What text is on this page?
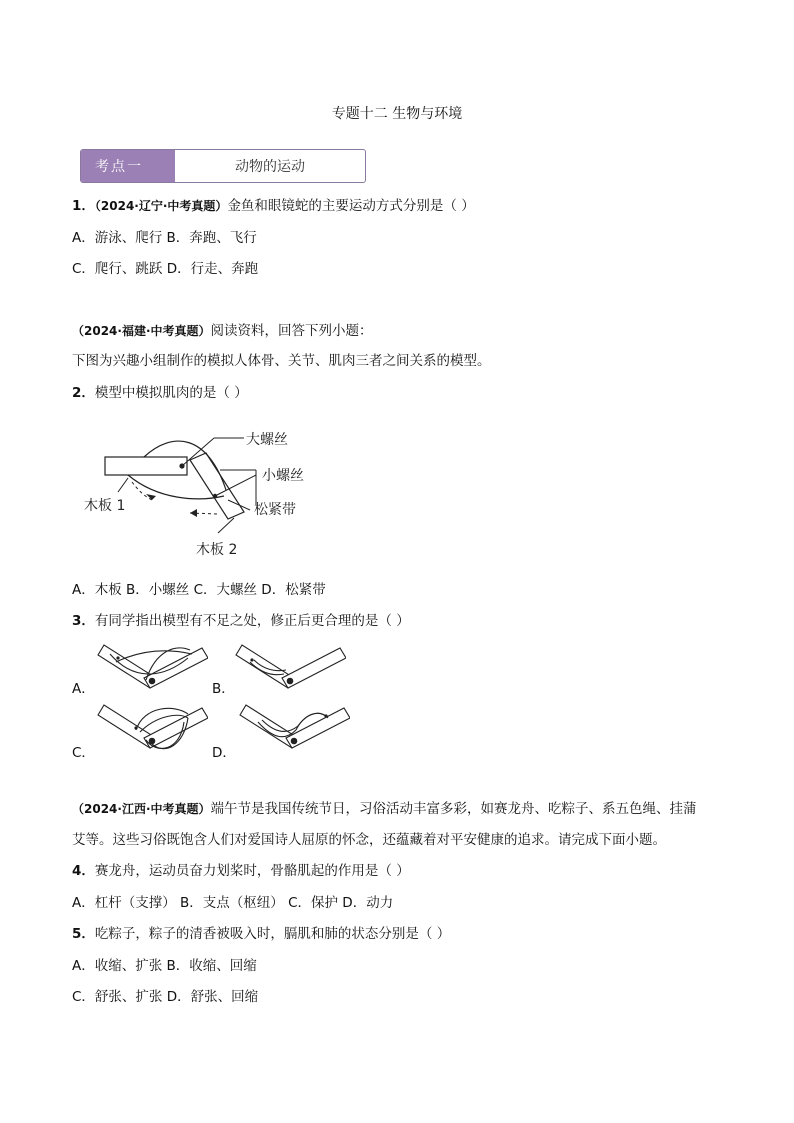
专题十二 生物与环境
考点一	动物的运动
1．（2024·辽宁·中考真题）金鱼和眼镜蛇的主要运动方式分别是（ ）
A．游泳、爬行 B．奔跑、飞行
C．爬行、跳跃 D．行走、奔跑
（2024·福建·中考真题）阅读资料，回答下列小题：
下图为兴趣小组制作的模拟人体骨、关节、肌肉三者之间关系的模型。
2．模型中模拟肌肉的是（ ）
大螺丝
小螺丝
松紧带
木板 1
木板 2
A．木板 B．小螺丝 C．大螺丝 D．松紧带
3．有同学指出模型有不足之处，修正后更合理的是（ ）
A．	B．
C．	D．
（2024·江西·中考真题）端午节是我国传统节日，习俗活动丰富多彩，如赛龙舟、吃粽子、系五色绳、挂蒲
艾等。这些习俗既饱含人们对爱国诗人屈原的怀念，还蕴藏着对平安健康的追求。请完成下面小题。
4．赛龙舟，运动员奋力划桨时，骨骼肌起的作用是（ ）
A．杠杆（支撑） B．支点（枢纽） C．保护 D．动力
5．吃粽子，粽子的清香被吸入时，膈肌和肺的状态分别是（ ）
A．收缩、扩张 B．收缩、回缩
C．舒张、扩张 D．舒张、回缩
